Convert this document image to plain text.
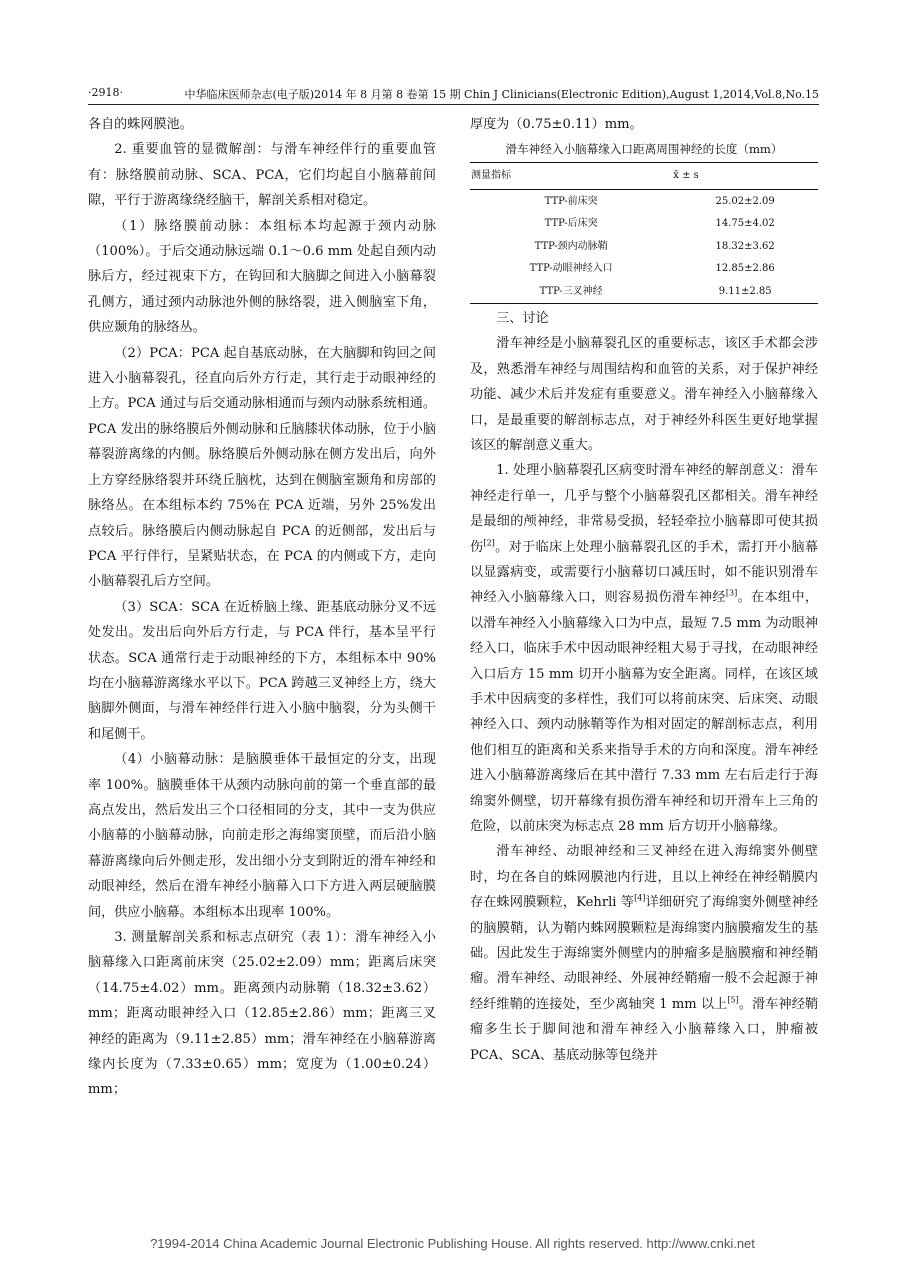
·2918·	中华临床医师杂志(电子版)2014 年 8 月第 8 卷第 15 期 Chin J Clinicians(Electronic Edition),August 1,2014,Vol.8,No.15

各自的蛛网膜池。

2. 重要血管的显微解剖：与滑车神经伴行的重要血管有：脉络膜前动脉、SCA、PCA，它们均起自小脑幕前间隙，平行于游离缘绕经脑干，解剖关系相对稳定。

（1）脉络膜前动脉：本组标本均起源于颈内动脉（100%）。于后交通动脉远端 0.1～0.6 mm 处起自颈内动脉后方，经过视束下方，在钩回和大脑脚之间进入小脑幕裂孔侧方，通过颈内动脉池外侧的脉络裂，进入侧脑室下角，供应颞角的脉络丛。

（2）PCA：PCA 起自基底动脉，在大脑脚和钩回之间进入小脑幕裂孔，径直向后外方行走，其行走于动眼神经的上方。PCA 通过与后交通动脉相通而与颈内动脉系统相通。PCA 发出的脉络膜后外侧动脉和丘脑膝状体动脉，位于小脑幕裂游离缘的内侧。脉络膜后外侧动脉在侧方发出后，向外上方穿经脉络裂并环绕丘脑枕，达到在侧脑室颞角和房部的脉络丛。在本组标本约 75%在 PCA 近端，另外 25%发出点较后。脉络膜后内侧动脉起自 PCA 的近侧部，发出后与 PCA 平行伴行，呈紧贴状态，在 PCA 的内侧或下方，走向小脑幕裂孔后方空间。

（3）SCA：SCA 在近桥脑上缘、距基底动脉分叉不远处发出。发出后向外后方行走，与 PCA 伴行，基本呈平行状态。SCA 通常行走于动眼神经的下方，本组标本中 90%均在小脑幕游离缘水平以下。PCA 跨越三叉神经上方，绕大脑脚外侧面，与滑车神经伴行进入小脑中脑裂，分为头侧干和尾侧干。

（4）小脑幕动脉：是脑膜垂体干最恒定的分支，出现率 100%。脑膜垂体干从颈内动脉向前的第一个垂直部的最高点发出，然后发出三个口径相同的分支，其中一支为供应小脑幕的小脑幕动脉，向前走形之海绵窦顶壁，而后沿小脑幕游离缘向后外侧走形，发出细小分支到附近的滑车神经和动眼神经，然后在滑车神经小脑幕入口下方进入两层硬脑膜间，供应小脑幕。本组标本出现率 100%。

3. 测量解剖关系和标志点研究（表 1）：滑车神经入小脑幕缘入口距离前床突（25.02±2.09）mm；距离后床突（14.75±4.02）mm。距离颈内动脉鞘（18.32±3.62）mm；距离动眼神经入口（12.85±2.86）mm；距离三叉神经的距离为（9.11±2.85）mm；滑车神经在小脑幕游离缘内长度为（7.33±0.65）mm；宽度为（1.00±0.24）mm；

厚度为（0.75±0.11）mm。

滑车神经入小脑幕缘入口距离周围神经的长度（mm）
测量指标	x̄ ± s
TTP-前床突	25.02±2.09
TTP-后床突	14.75±4.02
TTP-颈内动脉鞘	18.32±3.62
TTP-动眼神经入口	12.85±2.86
TTP-三叉神经	9.11±2.85

三、讨论

滑车神经是小脑幕裂孔区的重要标志，该区手术都会涉及，熟悉滑车神经与周围结构和血管的关系，对于保护神经功能、减少术后并发症有重要意义。滑车神经入小脑幕缘入口，是最重要的解剖标志点，对于神经外科医生更好地掌握该区的解剖意义重大。

1. 处理小脑幕裂孔区病变时滑车神经的解剖意义：滑车神经走行单一，几乎与整个小脑幕裂孔区都相关。滑车神经是最细的颅神经，非常易受损，轻轻牵拉小脑幕即可使其损伤[2]。对于临床上处理小脑幕裂孔区的手术，需打开小脑幕以显露病变，或需要行小脑幕切口减压时，如不能识别滑车神经入小脑幕缘入口，则容易损伤滑车神经[3]。在本组中，以滑车神经入小脑幕缘入口为中点，最短 7.5 mm 为动眼神经入口，临床手术中因动眼神经粗大易于寻找，在动眼神经入口后方 15 mm 切开小脑幕为安全距离。同样，在该区域手术中因病变的多样性，我们可以将前床突、后床突、动眼神经入口、颈内动脉鞘等作为相对固定的解剖标志点，利用他们相互的距离和关系来指导手术的方向和深度。滑车神经进入小脑幕游离缘后在其中潜行 7.33 mm 左右后走行于海绵窦外侧壁，切开幕缘有损伤滑车神经和切开滑车上三角的危险，以前床突为标志点 28 mm 后方切开小脑幕缘。

滑车神经、动眼神经和三叉神经在进入海绵窦外侧壁时，均在各自的蛛网膜池内行进，且以上神经在神经鞘膜内存在蛛网膜颗粒，Kehrli 等[4]详细研究了海绵窦外侧壁神经的脑膜鞘，认为鞘内蛛网膜颗粒是海绵窦内脑膜瘤发生的基础。因此发生于海绵窦外侧壁内的肿瘤多是脑膜瘤和神经鞘瘤。滑车神经、动眼神经、外展神经鞘瘤一般不会起源于神经纤维鞘的连接处，至少离轴突 1 mm 以上[5]。滑车神经鞘瘤多生长于脚间池和滑车神经入小脑幕缘入口，肿瘤被 PCA、SCA、基底动脉等包绕并

?1994-2014 China Academic Journal Electronic Publishing House. All rights reserved. http://www.cnki.net
